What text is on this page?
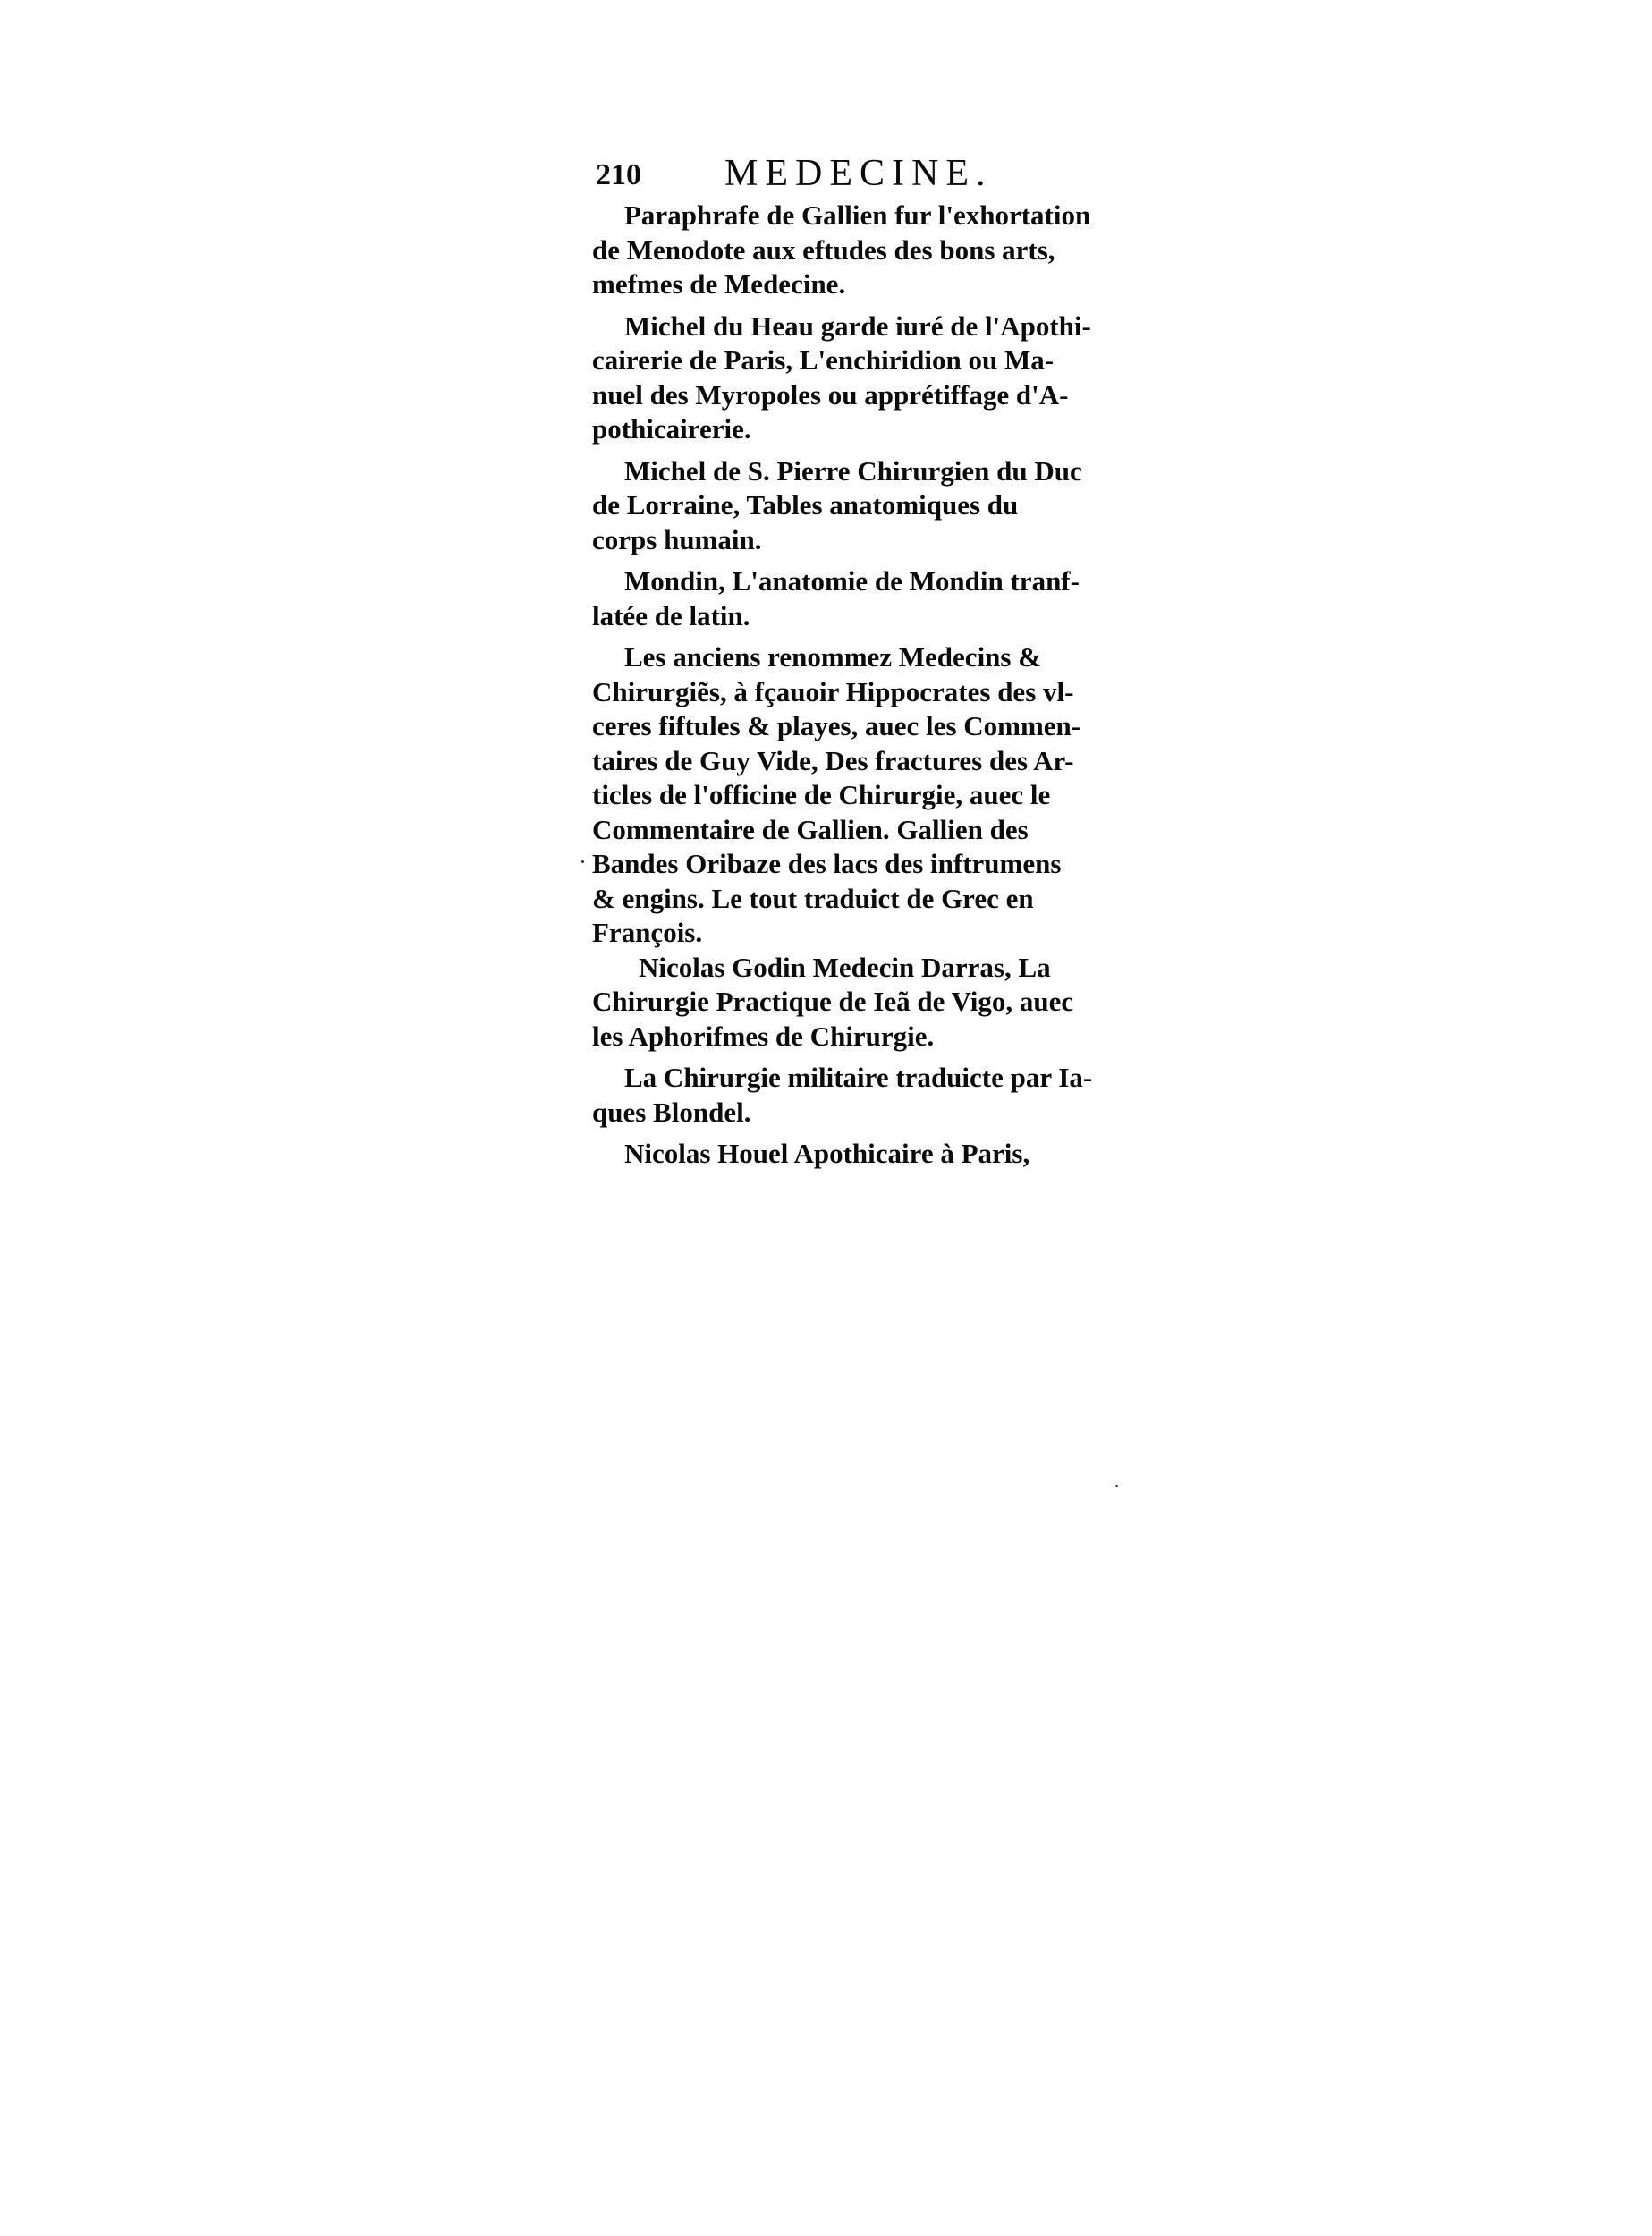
210 MEDECINE.
Paraphrafe de Gallien fur l'exhortation
de Menodote aux eftudes des bons arts,
mefmes de Medecine.
Michel du Heau garde iuré de l'Apothi-
cairerie de Paris, L'enchiridion ou Ma-
nuel des Myropoles ou apprétiffage d'A-
pothicairerie.
Michel de S. Pierre Chirurgien du Duc
de Lorraine, Tables anatomiques du
corps humain.
Mondin, L'anatomie de Mondin tranf-
latée de latin.
Les anciens renommez Medecins &
Chirurgiẽs, à fçauoir Hippocrates des vl-
ceres fiftules & playes, auec les Commen-
taires de Guy Vide, Des fractures des Ar-
ticles de l'officine de Chirurgie, auec le
Commentaire de Gallien. Gallien des
Bandes Oribaze des lacs des inftrumens
& engins. Le tout traduict de Grec en
François.
Nicolas Godin Medecin Darras, La
Chirurgie Practique de Ieã de Vigo, auec
les Aphorifmes de Chirurgie.
La Chirurgie militaire traduicte par Ia-
ques Blondel.
Nicolas Houel Apothicaire à Paris,
